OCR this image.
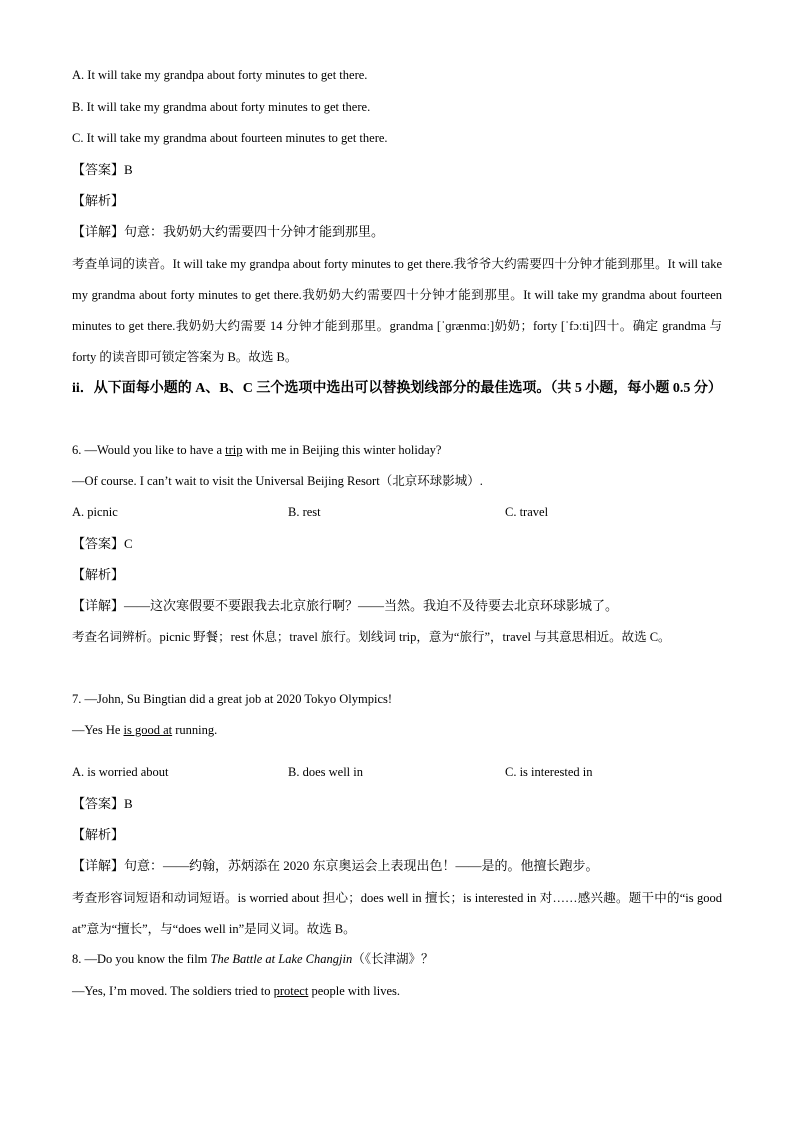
A. It will take my grandpa about forty minutes to get there.
B. It will take my grandma about forty minutes to get there.
C. It will take my grandma about fourteen minutes to get there.
【答案】B
【解析】
【详解】句意：我奶奶大约需要四十分钟才能到那里。
考查单词的读音。It will take my grandpa about forty minutes to get there.我爷爷大约需要四十分钟才能到那里。It will take my grandma about forty minutes to get there.我奶奶大约需要四十分钟才能到那里。It will take my grandma about fourteen minutes to get there.我奶奶大约需要 14 分钟才能到那里。grandma [ˈɡrænmɑː]奶奶；forty [ˈfɔːti]四十。确定 grandma 与 forty 的读音即可锁定答案为 B。故选 B。
ii．从下面每小题的 A、B、C 三个选项中选出可以替换划线部分的最佳选项。（共 5 小题，每小题 0.5 分）
6. —Would you like to have a trip with me in Beijing this winter holiday?
—Of course. I can’t wait to visit the Universal Beijing Resort（北京环球影城）.
A. picnic	B. rest	C. travel
【答案】C
【解析】
【详解】——这次寒假要不要跟我去北京旅行啊？——当然。我迫不及待要去北京环球影城了。
考查名词辨析。picnic 野餐；rest 休息；travel 旅行。划线词 trip，意为“旅行”，travel 与其意思相近。故选 C。
7. —John, Su Bingtian did a great job at 2020 Tokyo Olympics!
—Yes He is good at running.
A. is worried about	B. does well in	C. is interested in
【答案】B
【解析】
【详解】句意：——约翰，苏炳添在 2020 东京奥运会上表现出色！——是的。他擅长跑步。
考查形容词短语和动词短语。is worried about 担心；does well in 擅长；is interested in 对……感兴趣。题干中的“is good at”意为“擅长”，与“does well in”是同义词。故选 B。
8. —Do you know the film The Battle at Lake Changjin（《长津湖》？
—Yes, I’m moved. The soldiers tried to protect people with lives.
